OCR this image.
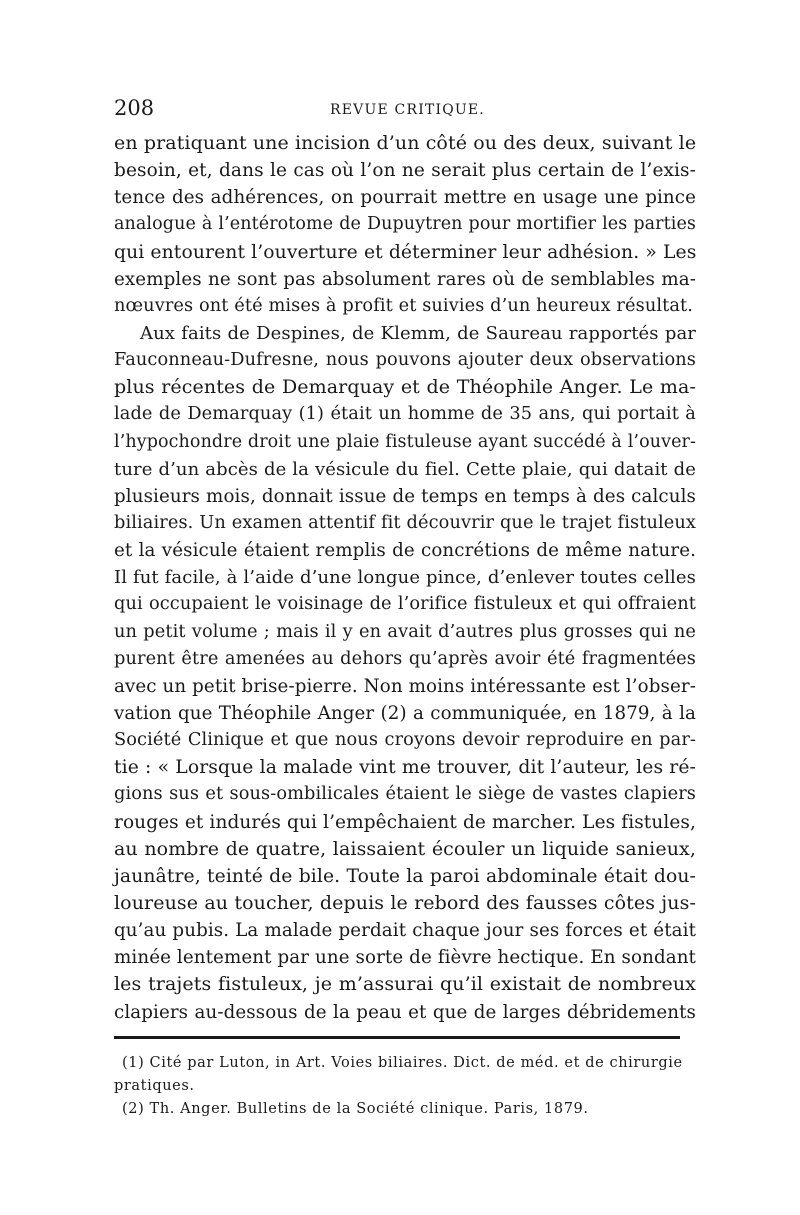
208	REVUE CRITIQUE.
en pratiquant une incision d’un côté ou des deux, suivant le
besoin, et, dans le cas où l’on ne serait plus certain de l’exis-
tence des adhérences, on pourrait mettre en usage une pince
analogue à l’entérotome de Dupuytren pour mortifier les parties
qui entourent l’ouverture et déterminer leur adhésion. » Les
exemples ne sont pas absolument rares où de semblables ma-
nœuvres ont été mises à profit et suivies d’un heureux résultat.
Aux faits de Despines, de Klemm, de Saureau rapportés par
Fauconneau-Dufresne, nous pouvons ajouter deux observations
plus récentes de Demarquay et de Théophile Anger. Le ma-
lade de Demarquay (1) était un homme de 35 ans, qui portait à
l’hypochondre droit une plaie fistuleuse ayant succédé à l’ouver-
ture d’un abcès de la vésicule du fiel. Cette plaie, qui datait de
plusieurs mois, donnait issue de temps en temps à des calculs
biliaires. Un examen attentif fit découvrir que le trajet fistuleux
et la vésicule étaient remplis de concrétions de même nature.
Il fut facile, à l’aide d’une longue pince, d’enlever toutes celles
qui occupaient le voisinage de l’orifice fistuleux et qui offraient
un petit volume ; mais il y en avait d’autres plus grosses qui ne
purent être amenées au dehors qu’après avoir été fragmentées
avec un petit brise-pierre. Non moins intéressante est l’obser-
vation que Théophile Anger (2) a communiquée, en 1879, à la
Société Clinique et que nous croyons devoir reproduire en par-
tie : « Lorsque la malade vint me trouver, dit l’auteur, les ré-
gions sus et sous-ombilicales étaient le siège de vastes clapiers
rouges et indurés qui l’empêchaient de marcher. Les fistules,
au nombre de quatre, laissaient écouler un liquide sanieux,
jaunâtre, teinté de bile. Toute la paroi abdominale était dou-
loureuse au toucher, depuis le rebord des fausses côtes jus-
qu’au pubis. La malade perdait chaque jour ses forces et était
minée lentement par une sorte de fièvre hectique. En sondant
les trajets fistuleux, je m’assurai qu’il existait de nombreux
clapiers au-dessous de la peau et que de larges débridements
(1) Cité par Luton, in Art. Voies biliaires. Dict. de méd. et de chirurgie
pratiques.
(2) Th. Anger. Bulletins de la Société clinique. Paris, 1879.
